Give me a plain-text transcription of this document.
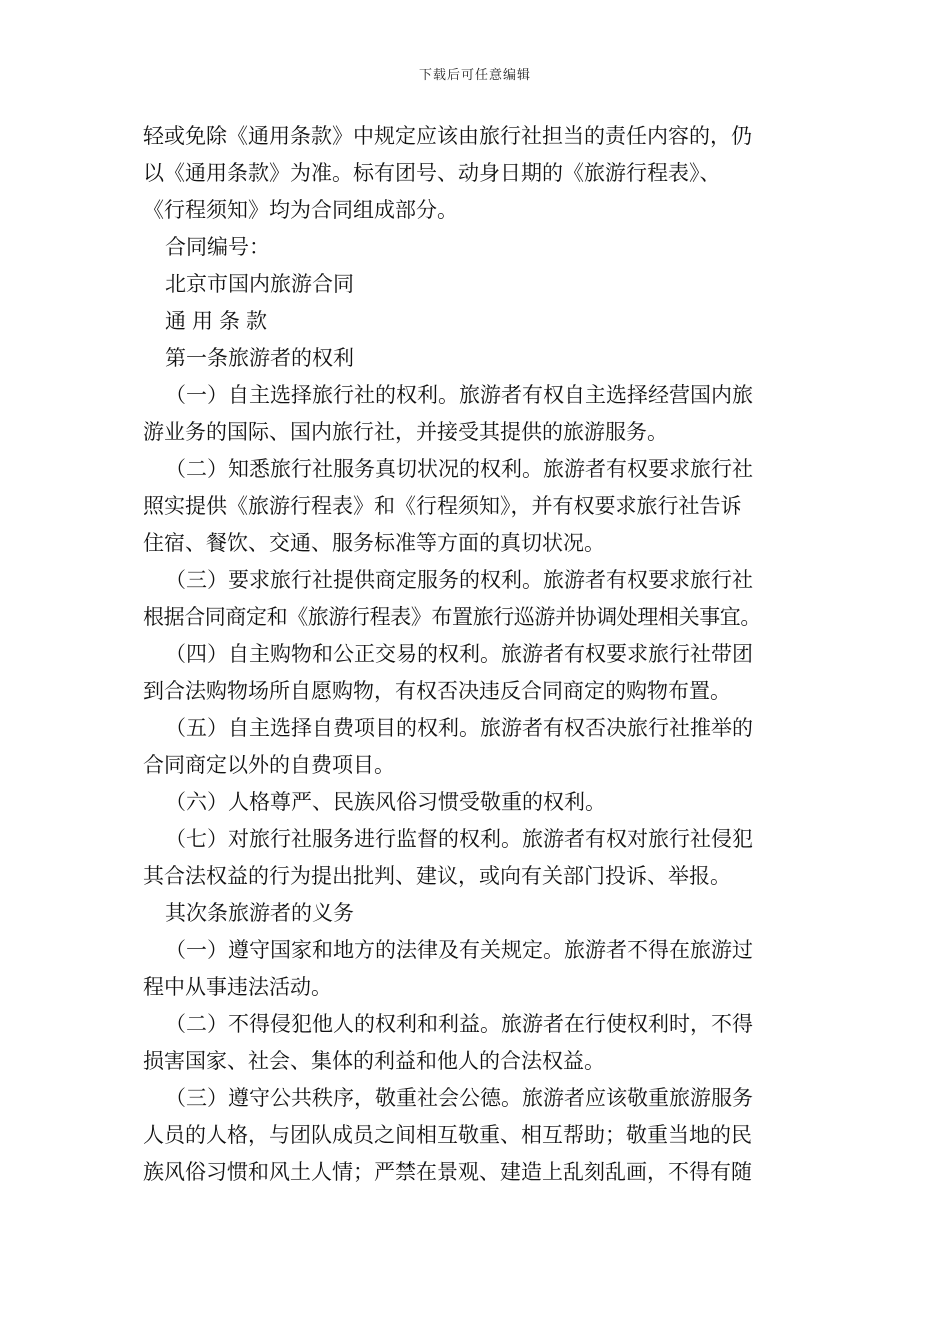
下载后可任意编辑
轻或免除《通用条款》中规定应该由旅行社担当的责任内容的，仍
以《通用条款》为准。标有团号、动身日期的《旅游行程表》、
《行程须知》均为合同组成部分。
合同编号：
北京市国内旅游合同
通用条款
第一条旅游者的权利
（一）自主选择旅行社的权利。旅游者有权自主选择经营国内旅
游业务的国际、国内旅行社，并接受其提供的旅游服务。
（二）知悉旅行社服务真切状况的权利。旅游者有权要求旅行社
照实提供《旅游行程表》和《行程须知》，并有权要求旅行社告诉
住宿、餐饮、交通、服务标准等方面的真切状况。
（三）要求旅行社提供商定服务的权利。旅游者有权要求旅行社
根据合同商定和《旅游行程表》布置旅行巡游并协调处理相关事宜。
（四）自主购物和公正交易的权利。旅游者有权要求旅行社带团
到合法购物场所自愿购物，有权否决违反合同商定的购物布置。
（五）自主选择自费项目的权利。旅游者有权否决旅行社推举的
合同商定以外的自费项目。
（六）人格尊严、民族风俗习惯受敬重的权利。
（七）对旅行社服务进行监督的权利。旅游者有权对旅行社侵犯
其合法权益的行为提出批判、建议，或向有关部门投诉、举报。
其次条旅游者的义务
（一）遵守国家和地方的法律及有关规定。旅游者不得在旅游过
程中从事违法活动。
（二）不得侵犯他人的权利和利益。旅游者在行使权利时，不得
损害国家、社会、集体的利益和他人的合法权益。
（三）遵守公共秩序，敬重社会公德。旅游者应该敬重旅游服务
人员的人格，与团队成员之间相互敬重、相互帮助；敬重当地的民
族风俗习惯和风土人情；严禁在景观、建造上乱刻乱画，不得有随
